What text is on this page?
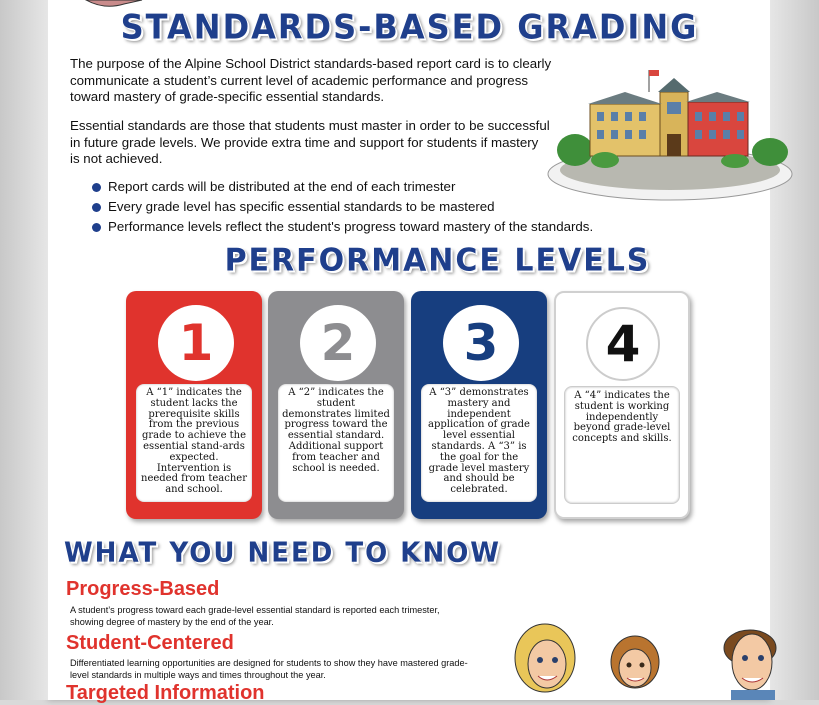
STANDARDS-BASED GRADING
The purpose of the Alpine School District standards-based report card is to clearly communicate a student’s current level of academic performance and progress toward mastery of grade-specific essential standards.
Essential standards are those that students must master in order to be successful in future grade levels. We provide extra time and support for students if mastery is not achieved.
Report cards will be distributed at the end of each trimester
Every grade level has specific essential standards to be mastered
Performance levels reflect the student's progress toward mastery of the standards.
PERFORMANCE LEVELS
1
A “1” indicates the student lacks the prerequisite skills from the previous grade to achieve the essential stand-ards expected. Intervention is needed from teacher and school.
2
A “2” indicates the student demonstrates limited progress toward the essential standard. Additional support from teacher and school is needed.
3
A “3” demonstrates mastery and independent application of grade level essential standards. A “3” is the goal for the grade level mastery and should be celebrated.
4
A “4” indicates the student is working independently beyond grade-level concepts and skills.
WHAT YOU NEED TO KNOW
Progress-Based
A student’s progress toward each grade-level essential standard is reported each trimester, showing degree of mastery by the end of the year.
Student-Centered
Differentiated learning opportunities are designed for students to show they have mastered grade-level standards in multiple ways and times throughout the year.
Targeted Information
